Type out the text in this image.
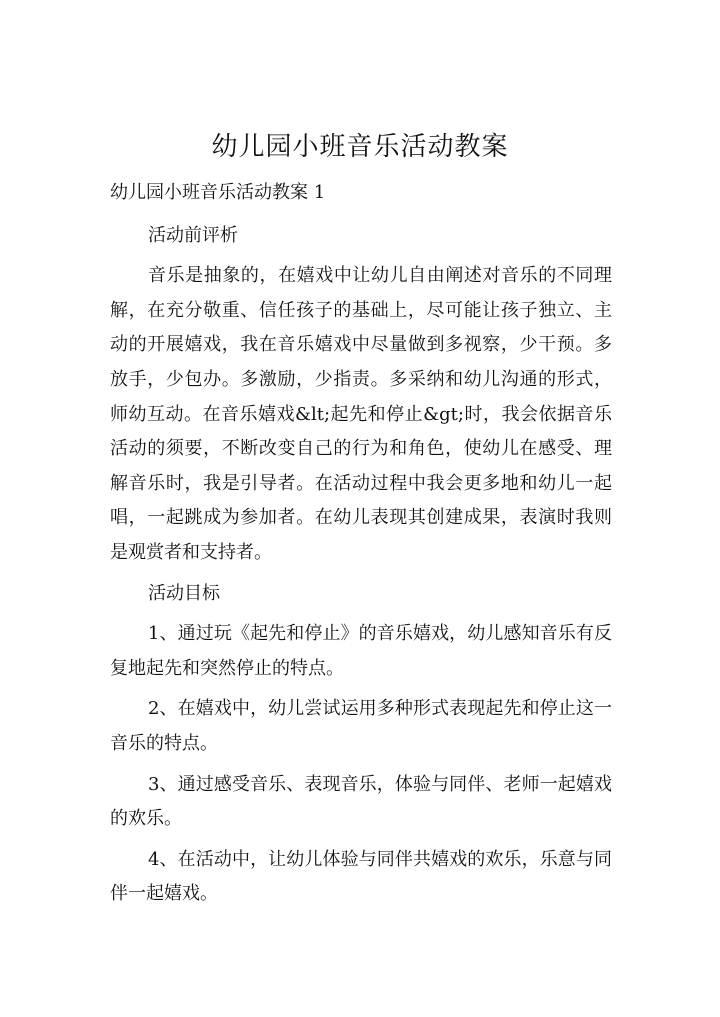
幼儿园小班音乐活动教案

幼儿园小班音乐活动教案 1

活动前评析

音乐是抽象的，在嬉戏中让幼儿自由阐述对音乐的不同理解，在充分敬重、信任孩子的基础上，尽可能让孩子独立、主动的开展嬉戏，我在音乐嬉戏中尽量做到多视察，少干预。多放手，少包办。多激励，少指责。多采纳和幼儿沟通的形式，师幼互动。在音乐嬉戏&lt;起先和停止&gt;时，我会依据音乐活动的须要，不断改变自己的行为和角色，使幼儿在感受、理解音乐时，我是引导者。在活动过程中我会更多地和幼儿一起唱，一起跳成为参加者。在幼儿表现其创建成果，表演时我则是观赏者和支持者。

活动目标

1、通过玩《起先和停止》的音乐嬉戏，幼儿感知音乐有反复地起先和突然停止的特点。

2、在嬉戏中，幼儿尝试运用多种形式表现起先和停止这一音乐的特点。

3、通过感受音乐、表现音乐，体验与同伴、老师一起嬉戏的欢乐。

4、在活动中，让幼儿体验与同伴共嬉戏的欢乐，乐意与同伴一起嬉戏。
